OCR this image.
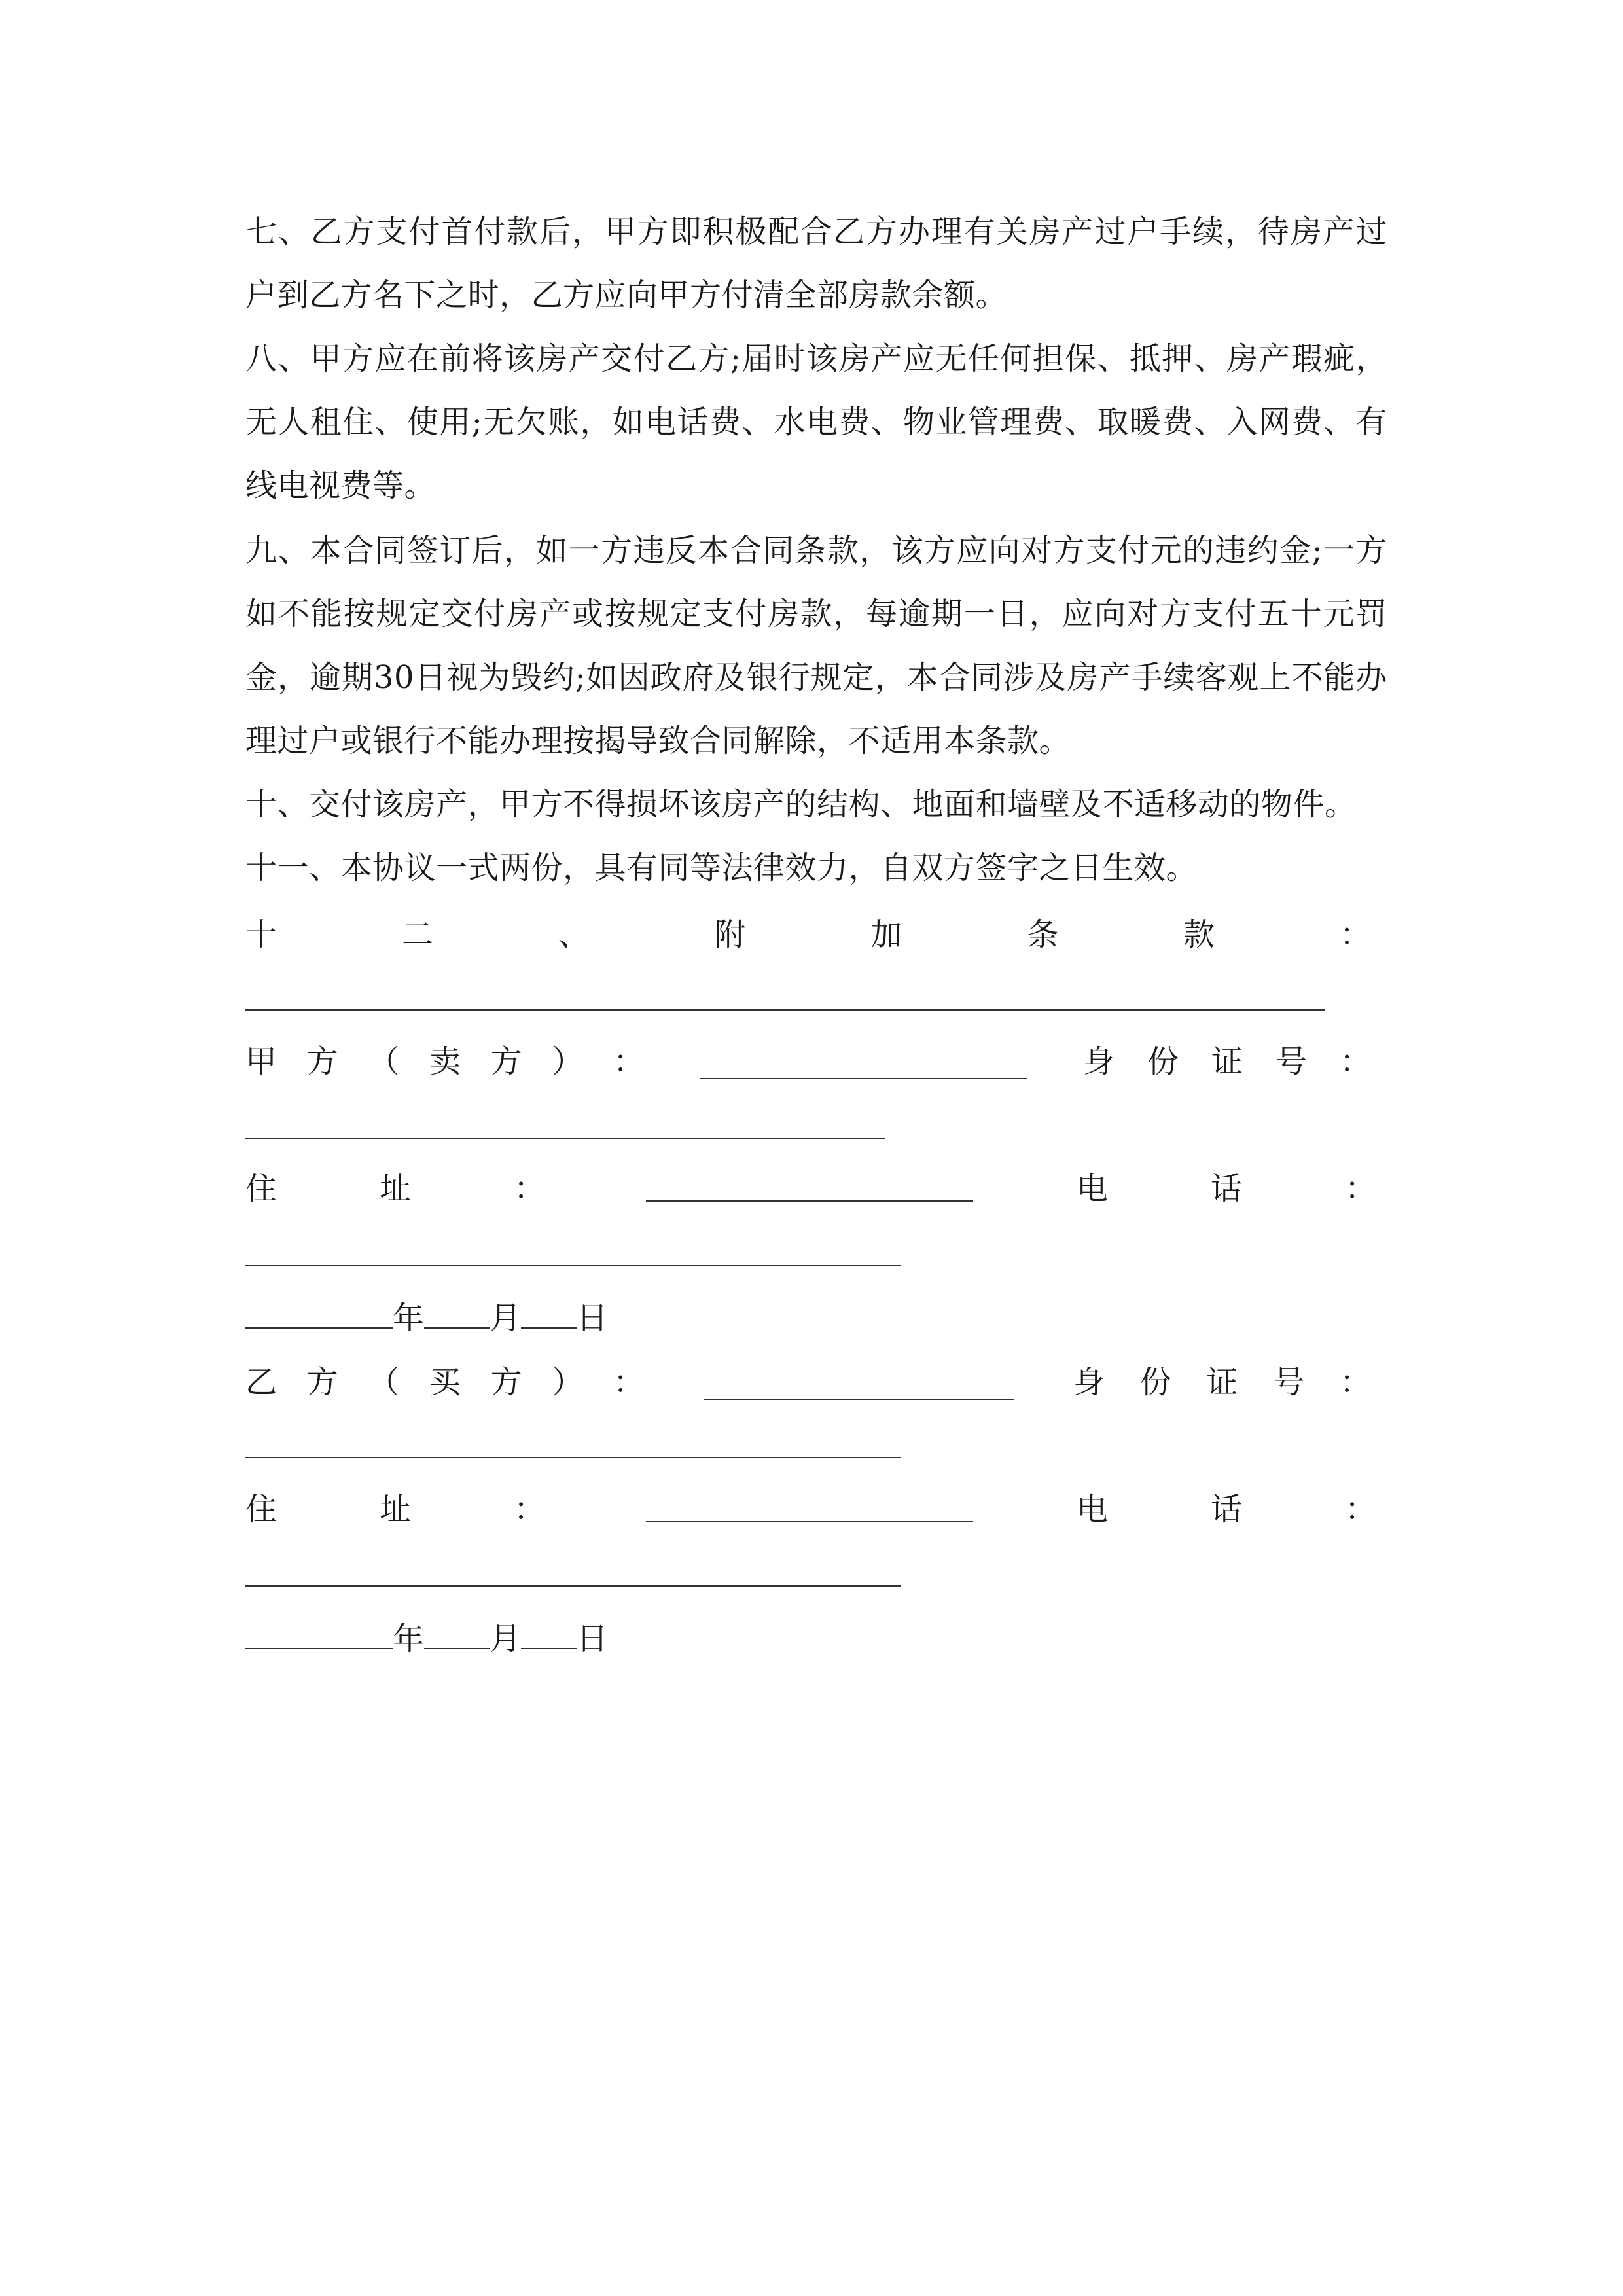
七、乙方支付首付款后，甲方即积极配合乙方办理有关房产过户手续，待房产过户到乙方名下之时，乙方应向甲方付清全部房款余额。
八、甲方应在前将该房产交付乙方;届时该房产应无任何担保、抵押、房产瑕疵，无人租住、使用;无欠账，如电话费、水电费、物业管理费、取暖费、入网费、有线电视费等。
九、本合同签订后，如一方违反本合同条款，该方应向对方支付元的违约金;一方如不能按规定交付房产或按规定支付房款，每逾期一日，应向对方支付五十元罚金，逾期30日视为毁约;如因政府及银行规定，本合同涉及房产手续客观上不能办理过户或银行不能办理按揭导致合同解除，不适用本条款。
十、交付该房产，甲方不得损坏该房产的结构、地面和墙壁及不适移动的物件。
十一、本协议一式两份，具有同等法律效力，自双方签字之日生效。
十	二	、	附	加	条	款	：
甲 方 （ 卖 方 ） ：	身 份 证 号 ：
住	址	：	电	话	：
年 月 日
乙 方 （ 买 方 ） ：	身 份 证 号 ：
住	址	：	电	话	：
年 月 日
